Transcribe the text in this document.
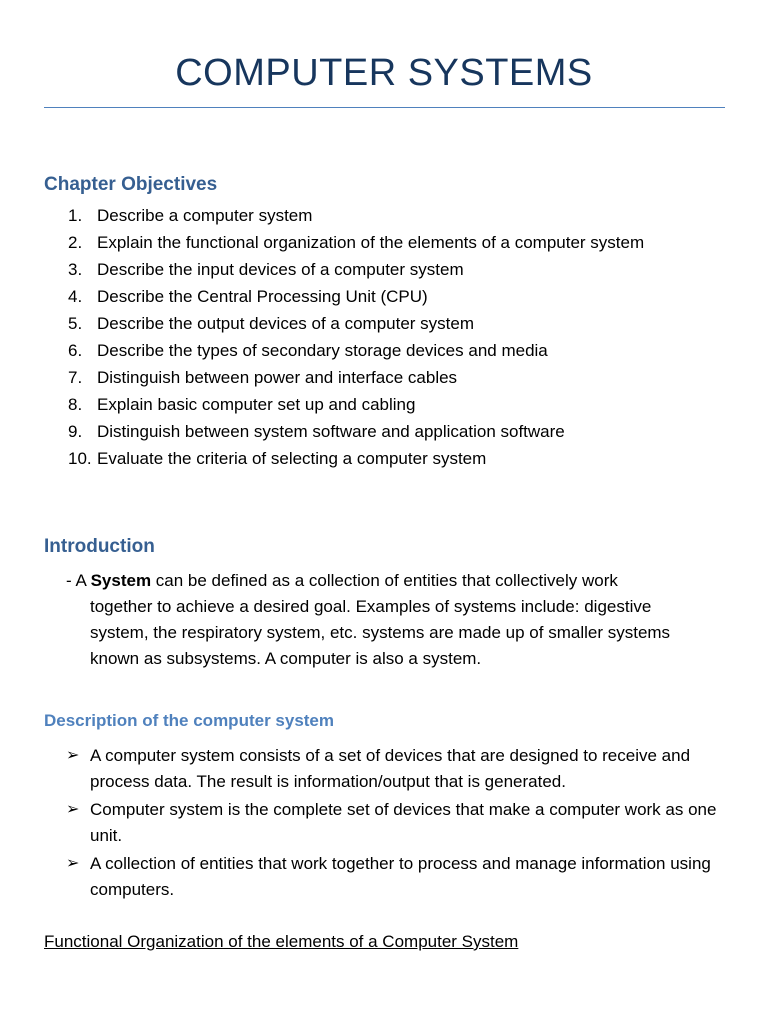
COMPUTER SYSTEMS
Chapter Objectives
1. Describe a computer system
2. Explain the functional organization of the elements of a computer system
3. Describe the input devices of a computer system
4. Describe the Central Processing Unit (CPU)
5. Describe the output devices of a computer system
6. Describe the types of secondary storage devices and media
7. Distinguish between power and interface cables
8. Explain basic computer set up and cabling
9. Distinguish between system software and application software
10. Evaluate the criteria of selecting a computer system
Introduction
- A System can be defined as a collection of entities that collectively work
together to achieve a desired goal. Examples of systems include: digestive
system, the respiratory system, etc. systems are made up of smaller systems
known as subsystems. A computer is also a system.
Description of the computer system
➢ A computer system consists of a set of devices that are designed to receive and process data. The result is information/output that is generated.
➢ Computer system is the complete set of devices that make a computer work as one unit.
➢ A collection of entities that work together to process and manage information using computers.
Functional Organization of the elements of a Computer System
